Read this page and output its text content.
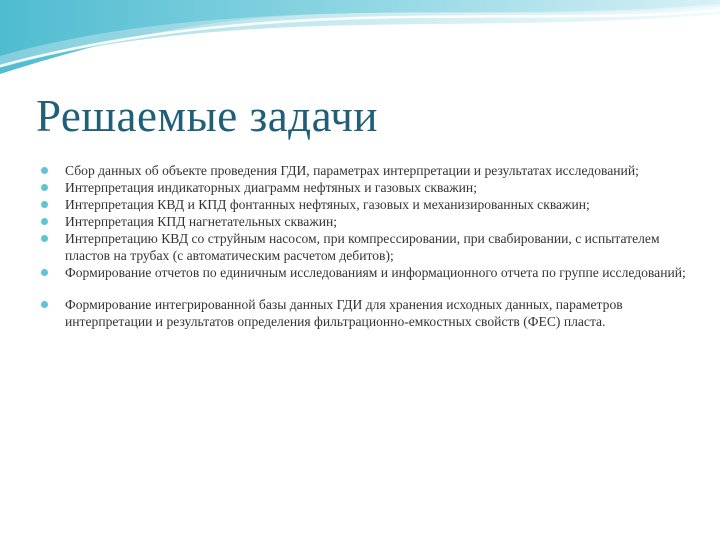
Решаемые задачи
Сбор данных об объекте проведения ГДИ, параметрах интерпретации и результатах исследований;
Интерпретация индикаторных диаграмм нефтяных и газовых скважин;
Интерпретация КВД и КПД фонтанных нефтяных, газовых и механизированных скважин;
Интерпретация КПД нагнетательных скважин;
Интерпретацию КВД со струйным насосом, при компрессировании, при свабировании, с испытателем пластов на трубах (с автоматическим расчетом дебитов);
Формирование отчетов по единичным исследованиям и информационного отчета по группе исследований;
Формирование интегрированной базы данных ГДИ для хранения исходных данных, параметров интерпретации и результатов определения фильтрационно-емкостных свойств (ФЕС) пласта.
